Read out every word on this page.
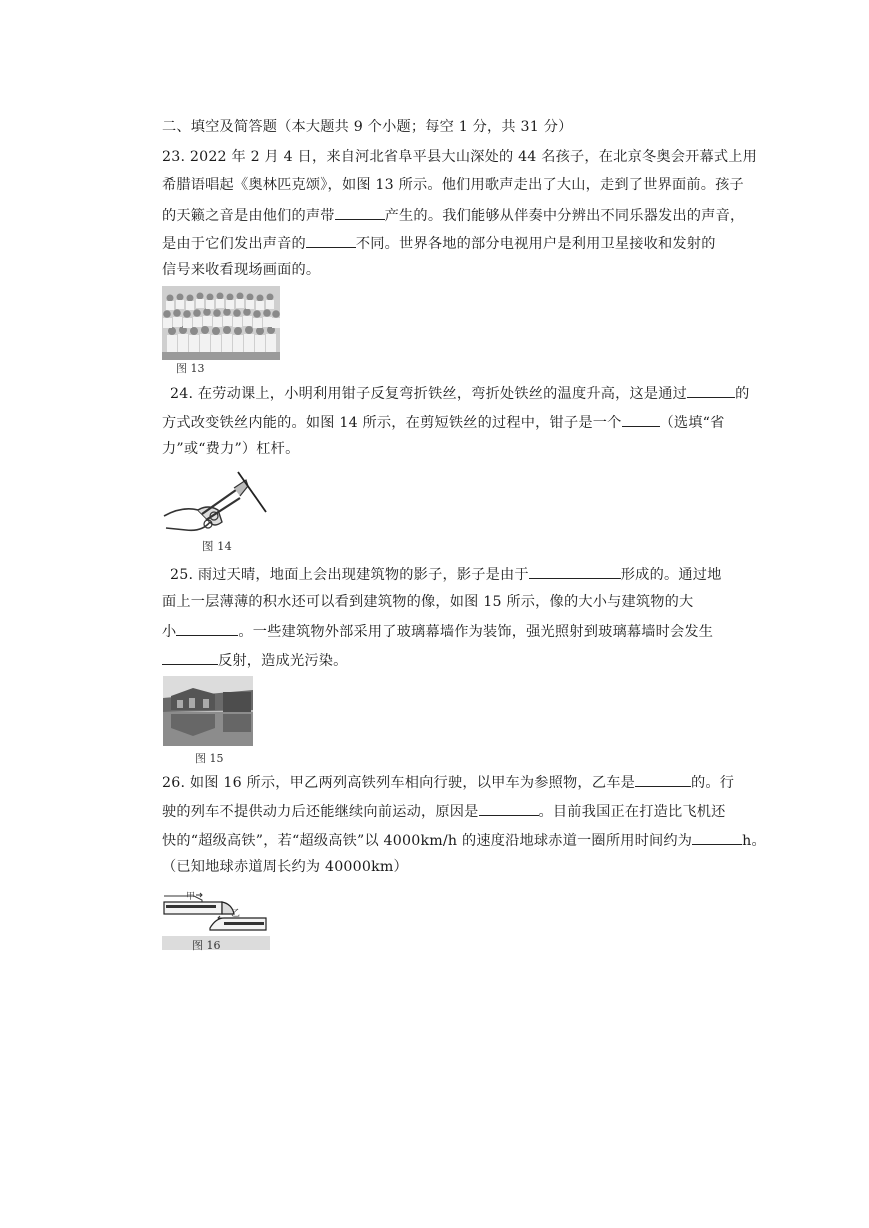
二、填空及简答题（本大题共 9 个小题；每空 1 分，共 31 分）
23. 2022 年 2 月 4 日，来自河北省阜平县大山深处的 44 名孩子，在北京冬奥会开幕式上用
希腊语唱起《奥林匹克颂》，如图 13 所示。他们用歌声走出了大山，走到了世界面前。孩子
的天籁之音是由他们的声带	产生的。我们能够从伴奏中分辨出不同乐器发出的声音，
是由于它们发出声音的	不同。世界各地的部分电视用户是利用卫星接收和发射的
信号来收看现场画面的。
图 13
24. 在劳动课上，小明利用钳子反复弯折铁丝，弯折处铁丝的温度升高，这是通过	的
方式改变铁丝内能的。如图 14 所示，在剪短铁丝的过程中，钳子是一个	（选填“省
力”或“费力”）杠杆。
图 14
25. 雨过天晴，地面上会出现建筑物的影子，影子是由于	形成的。通过地
面上一层薄薄的积水还可以看到建筑物的像，如图 15 所示，像的大小与建筑物的大
小	。一些建筑物外部采用了玻璃幕墙作为装饰，强光照射到玻璃幕墙时会发生
反射，造成光污染。
图 15
26. 如图 16 所示，甲乙两列高铁列车相向行驶，以甲车为参照物，乙车是	的。行
驶的列车不提供动力后还能继续向前运动，原因是	。目前我国正在打造比飞机还
快的“超级高铁”，若“超级高铁”以 4000km/h 的速度沿地球赤道一圈所用时间约为	h。
（已知地球赤道周长约为 40000km）
甲
乙
图 16
